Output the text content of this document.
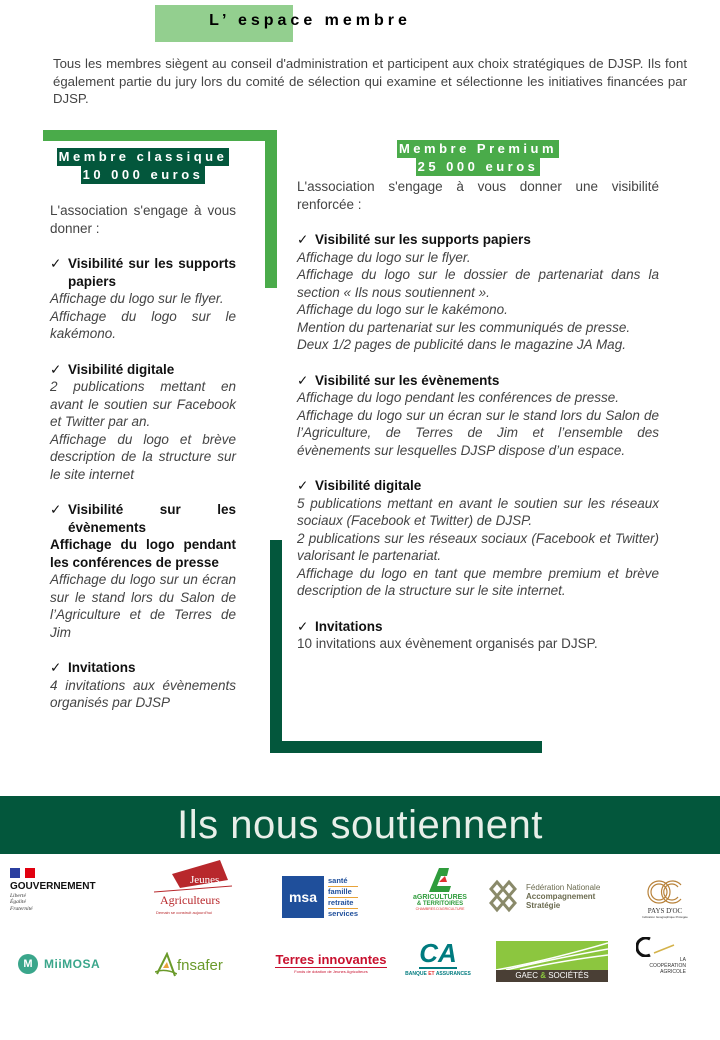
L’ espace membre

Tous les membres siègent au conseil d'administration et participent aux choix stratégiques de DJSP. Ils font également partie du jury lors du comité de sélection qui examine et sélectionne les initiatives financées par DJSP.

Membre classique
10 000 euros

L'association s'engage à vous donner :

✓ Visibilité sur les supports papiers

Affichage du logo sur le flyer.

Affichage du logo sur le kakémono.

✓ Visibilité digitale

2 publications mettant en avant le soutien sur Facebook et Twitter par an.

Affichage du logo et brève description de la structure sur le site internet

✓ Visibilité sur les évènements

Affichage du logo pendant les conférences de presse

Affichage du logo sur un écran sur le stand lors du Salon de l’Agriculture et de Terres de Jim

✓ Invitations

4 invitations aux évènements organisés par DJSP

Membre Premium
25 000 euros

L'association s'engage à vous donner une visibilité renforcée :

✓ Visibilité sur les supports papiers

Affichage du logo sur le flyer.

Affichage du logo sur le dossier de partenariat dans la section « Ils nous soutiennent ».

Affichage du logo sur le kakémono.

Mention du partenariat sur les communiqués de presse.

Deux 1/2 pages de publicité dans le magazine JA Mag.

✓ Visibilité sur les évènements

Affichage du logo pendant les conférences de presse.

Affichage du logo sur un écran sur le stand lors du Salon de l’Agriculture, de Terres de Jim et l’ensemble des évènements sur lesquelles DJSP dispose d’un espace.

✓ Visibilité digitale

5 publications mettant en avant le soutien sur les réseaux sociaux (Facebook et Twitter) de DJSP.

2 publications sur les réseaux sociaux (Facebook et Twitter) valorisant le partenariat.

Affichage du logo en tant que membre premium et brève description de la structure sur le site internet.

✓ Invitations

10 invitations aux évènement organisés par DJSP.

Ils nous soutiennent
GOUVERNEMENT
Liberté
Égalité
Fraternité
Jeunes
Agriculteurs
Demain se construit aujourd'hui
msa
santé
famille
retraite
services
aGRICULTURES
& TERRITOIRES
CHAMBRES D'AGRICULTURE
Fédération Nationale
Accompagnement
Stratégie
PAYS D'OC
Indication Géographique Protégée
M MiiMOSA	fnsafer	Terres innovantes
Fonds de dotation de Jeunes Agriculteurs
CA
BANQUE ET ASSURANCES	GAEC & SOCIÉTÉS
LA
COOPÉRATION
AGRICOLE
